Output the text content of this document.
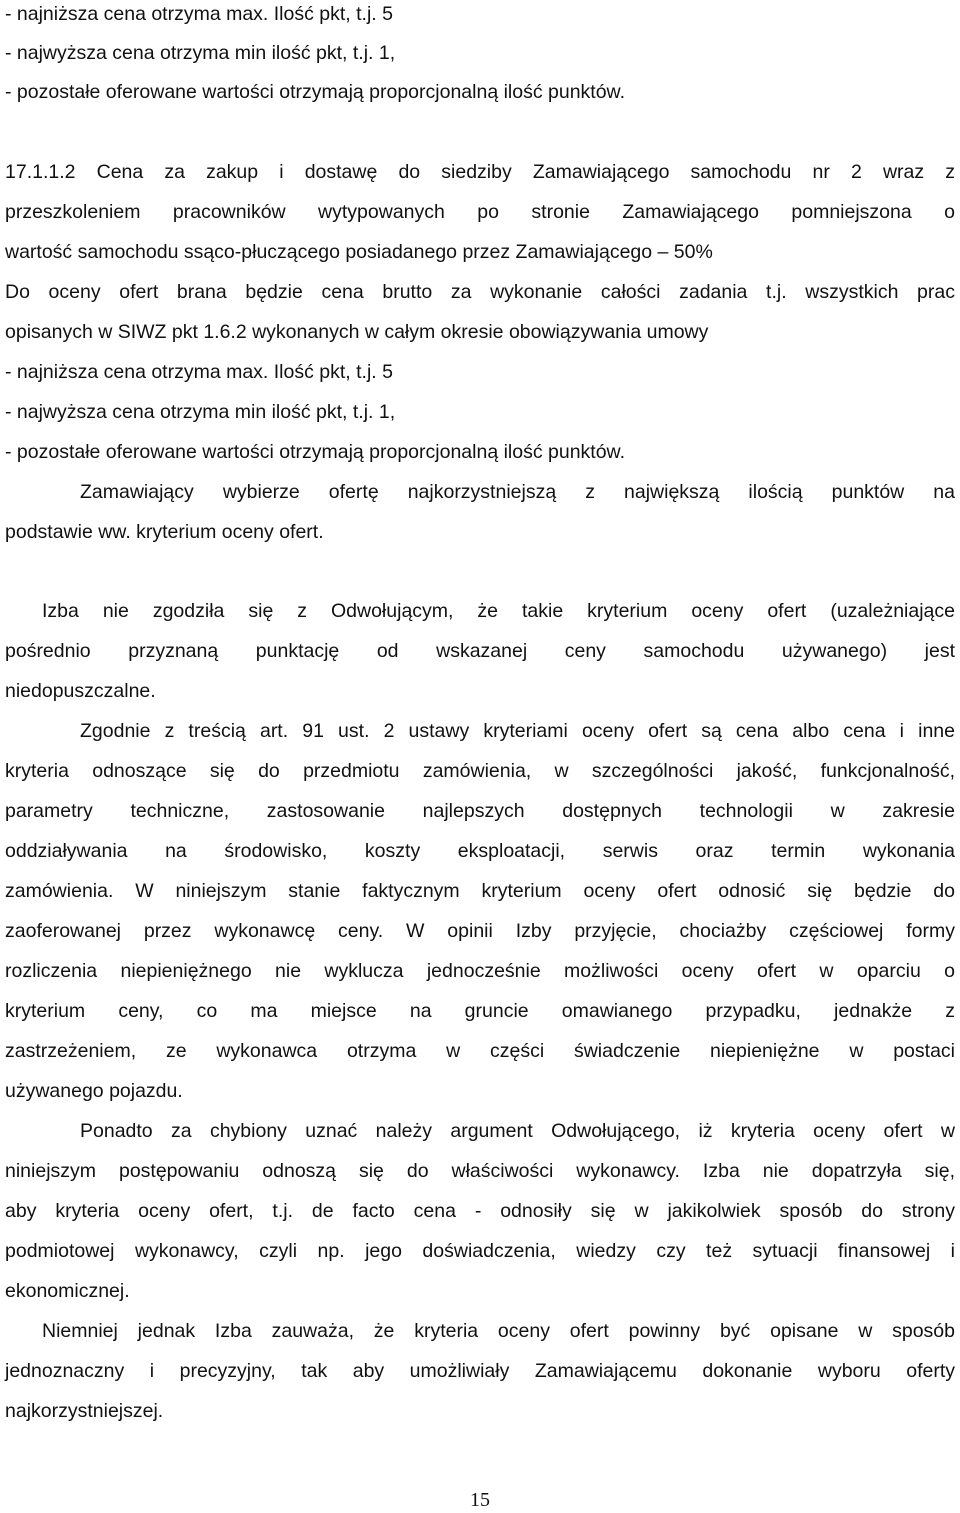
- najniższa cena otrzyma max. Ilość pkt, t.j. 5
- najwyższa cena otrzyma min ilość pkt, t.j. 1,
- pozostałe oferowane wartości otrzymają proporcjonalną ilość punktów.
17.1.1.2 Cena za zakup i dostawę do siedziby Zamawiającego samochodu nr 2 wraz z
przeszkoleniem pracowników wytypowanych po stronie Zamawiającego pomniejszona o
wartość samochodu ssąco-płuczącego posiadanego przez Zamawiającego – 50%
Do oceny ofert brana będzie cena brutto za wykonanie całości zadania t.j. wszystkich prac
opisanych w SIWZ pkt 1.6.2 wykonanych w całym okresie obowiązywania umowy
- najniższa cena otrzyma max. Ilość pkt, t.j. 5
- najwyższa cena otrzyma min ilość pkt, t.j. 1,
- pozostałe oferowane wartości otrzymają proporcjonalną ilość punktów.
Zamawiający wybierze ofertę najkorzystniejszą z największą ilością punktów na
podstawie ww. kryterium oceny ofert.
Izba nie zgodziła się z Odwołującym, że takie kryterium oceny ofert (uzależniające
pośrednio przyznaną punktację od wskazanej ceny samochodu używanego) jest
niedopuszczalne.
Zgodnie z treścią art. 91 ust. 2 ustawy kryteriami oceny ofert są cena albo cena i inne
kryteria odnoszące się do przedmiotu zamówienia, w szczególności jakość, funkcjonalność,
parametry techniczne, zastosowanie najlepszych dostępnych technologii w zakresie
oddziaływania na środowisko, koszty eksploatacji, serwis oraz termin wykonania
zamówienia. W niniejszym stanie faktycznym kryterium oceny ofert odnosić się będzie do
zaoferowanej przez wykonawcę ceny. W opinii Izby przyjęcie, chociażby częściowej formy
rozliczenia niepieniężnego nie wyklucza jednocześnie możliwości oceny ofert w oparciu o
kryterium ceny, co ma miejsce na gruncie omawianego przypadku, jednakże z
zastrzeżeniem, ze wykonawca otrzyma w części świadczenie niepieniężne w postaci
używanego pojazdu.
Ponadto za chybiony uznać należy argument Odwołującego, iż kryteria oceny ofert w
niniejszym postępowaniu odnoszą się do właściwości wykonawcy. Izba nie dopatrzyła się,
aby kryteria oceny ofert, t.j. de facto cena - odnosiły się w jakikolwiek sposób do strony
podmiotowej wykonawcy, czyli np. jego doświadczenia, wiedzy czy też sytuacji finansowej i
ekonomicznej.
Niemniej jednak Izba zauważa, że kryteria oceny ofert powinny być opisane w sposób
jednoznaczny i precyzyjny, tak aby umożliwiały Zamawiającemu dokonanie wyboru oferty
najkorzystniejszej.
15
